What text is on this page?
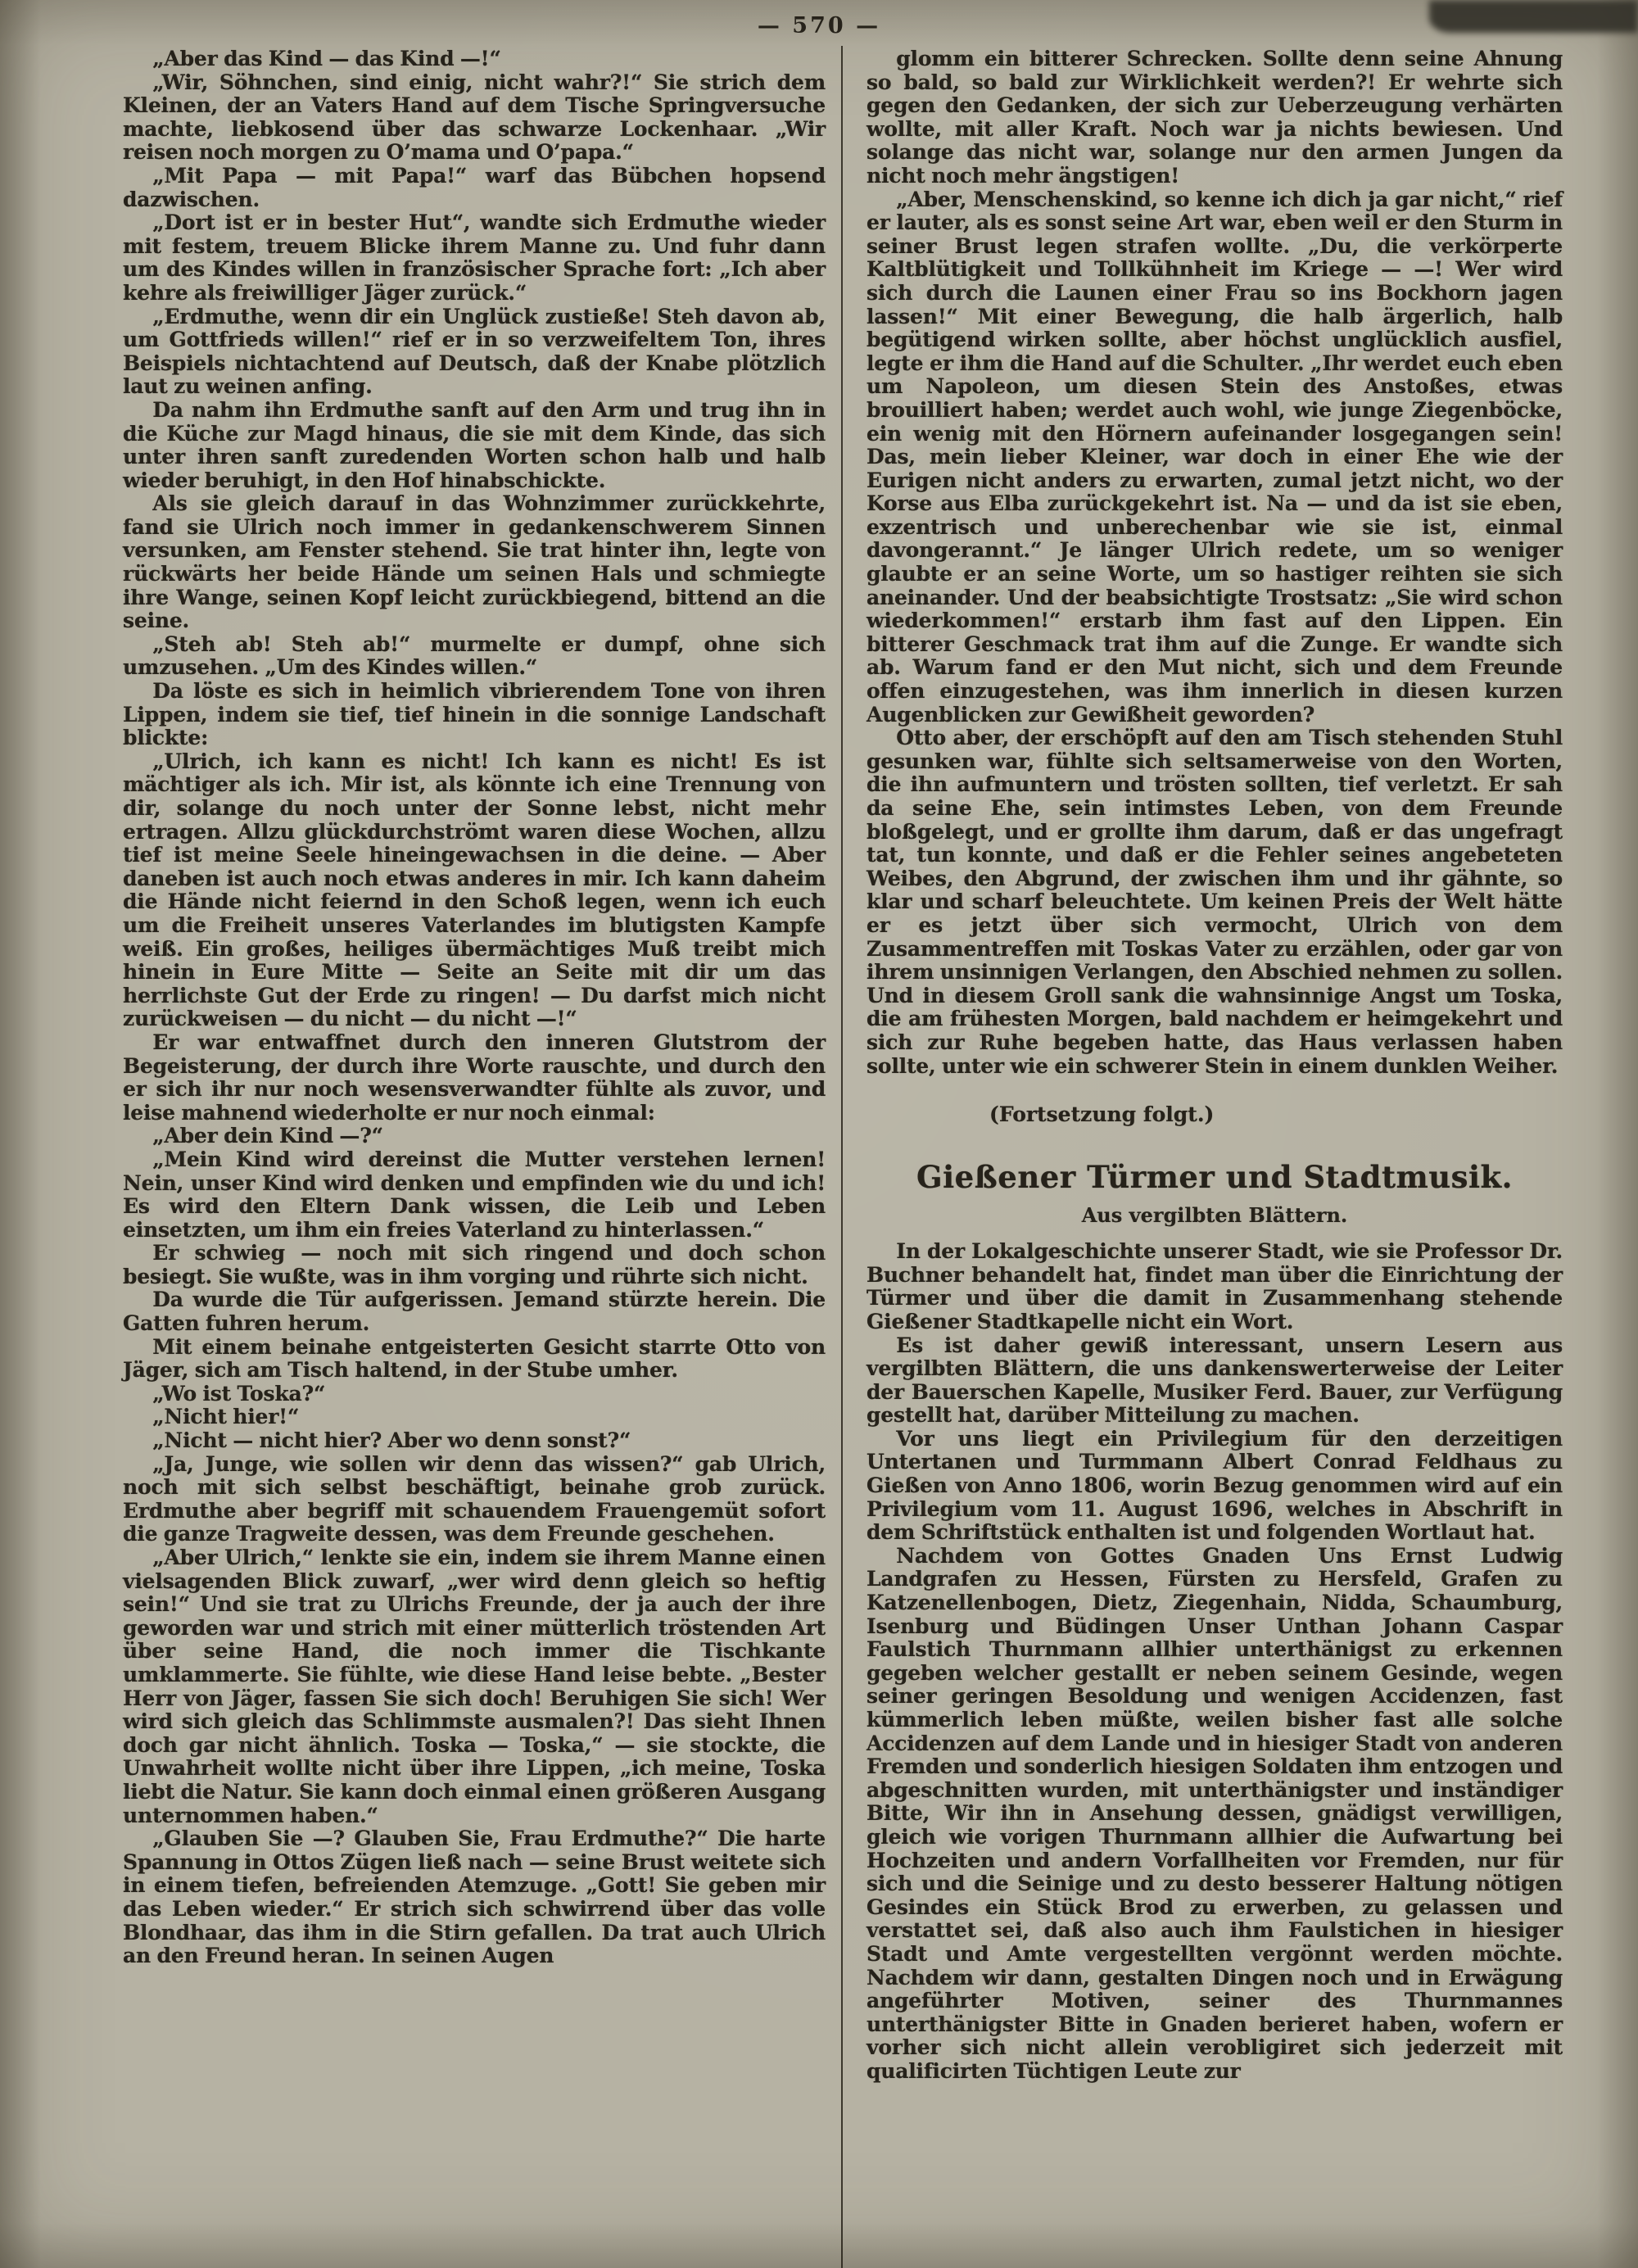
— 570 —

„Aber das Kind — das Kind —!“

„Wir, Söhnchen, sind einig, nicht wahr?!“ Sie strich dem Kleinen, der an Vaters Hand auf dem Tische Springversuche machte, liebkosend über das schwarze Lockenhaar. „Wir reisen noch morgen zu O’mama und O’papa.“

„Mit Papa — mit Papa!“ warf das Bübchen hopsend dazwischen.

„Dort ist er in bester Hut“, wandte sich Erdmuthe wieder mit festem, treuem Blicke ihrem Manne zu. Und fuhr dann um des Kindes willen in französischer Sprache fort: „Ich aber kehre als freiwilliger Jäger zurück.“

„Erdmuthe, wenn dir ein Unglück zustieße! Steh davon ab, um Gottfrieds willen!“ rief er in so verzweifeltem Ton, ihres Beispiels nichtachtend auf Deutsch, daß der Knabe plötzlich laut zu weinen anfing.

Da nahm ihn Erdmuthe sanft auf den Arm und trug ihn in die Küche zur Magd hinaus, die sie mit dem Kinde, das sich unter ihren sanft zuredenden Worten schon halb und halb wieder beruhigt, in den Hof hinabschickte.

Als sie gleich darauf in das Wohnzimmer zurückkehrte, fand sie Ulrich noch immer in gedankenschwerem Sinnen versunken, am Fenster stehend. Sie trat hinter ihn, legte von rückwärts her beide Hände um seinen Hals und schmiegte ihre Wange, seinen Kopf leicht zurückbiegend, bittend an die seine.

„Steh ab! Steh ab!“ murmelte er dumpf, ohne sich umzusehen. „Um des Kindes willen.“

Da löste es sich in heimlich vibrierendem Tone von ihren Lippen, indem sie tief, tief hinein in die sonnige Landschaft blickte:

„Ulrich, ich kann es nicht! Ich kann es nicht! Es ist mächtiger als ich. Mir ist, als könnte ich eine Trennung von dir, solange du noch unter der Sonne lebst, nicht mehr ertragen. Allzu glückdurchströmt waren diese Wochen, allzu tief ist meine Seele hineingewachsen in die deine. — Aber daneben ist auch noch etwas anderes in mir. Ich kann daheim die Hände nicht feiernd in den Schoß legen, wenn ich euch um die Freiheit unseres Vaterlandes im blutigsten Kampfe weiß. Ein großes, heiliges übermächtiges Muß treibt mich hinein in Eure Mitte — Seite an Seite mit dir um das herrlichste Gut der Erde zu ringen! — Du darfst mich nicht zurückweisen — du nicht — du nicht —!“

Er war entwaffnet durch den inneren Glutstrom der Begeisterung, der durch ihre Worte rauschte, und durch den er sich ihr nur noch wesensverwandter fühlte als zuvor, und leise mahnend wiederholte er nur noch einmal:

„Aber dein Kind —?“

„Mein Kind wird dereinst die Mutter verstehen lernen! Nein, unser Kind wird denken und empfinden wie du und ich! Es wird den Eltern Dank wissen, die Leib und Leben einsetzten, um ihm ein freies Vaterland zu hinterlassen.“

Er schwieg — noch mit sich ringend und doch schon besiegt. Sie wußte, was in ihm vorging und rührte sich nicht.

Da wurde die Tür aufgerissen. Jemand stürzte herein. Die Gatten fuhren herum.

Mit einem beinahe entgeisterten Gesicht starrte Otto von Jäger, sich am Tisch haltend, in der Stube umher.

„Wo ist Toska?“

„Nicht hier!“

„Nicht — nicht hier? Aber wo denn sonst?“

„Ja, Junge, wie sollen wir denn das wissen?“ gab Ulrich, noch mit sich selbst beschäftigt, beinahe grob zurück. Erdmuthe aber begriff mit schauendem Frauengemüt sofort die ganze Tragweite dessen, was dem Freunde geschehen.

„Aber Ulrich,“ lenkte sie ein, indem sie ihrem Manne einen vielsagenden Blick zuwarf, „wer wird denn gleich so heftig sein!“ Und sie trat zu Ulrichs Freunde, der ja auch der ihre geworden war und strich mit einer mütterlich tröstenden Art über seine Hand, die noch immer die Tischkante umklammerte. Sie fühlte, wie diese Hand leise bebte. „Bester Herr von Jäger, fassen Sie sich doch! Beruhigen Sie sich! Wer wird sich gleich das Schlimmste ausmalen?! Das sieht Ihnen doch gar nicht ähnlich. Toska — Toska,“ — sie stockte, die Unwahrheit wollte nicht über ihre Lippen, „ich meine, Toska liebt die Natur. Sie kann doch einmal einen größeren Ausgang unternommen haben.“

„Glauben Sie —? Glauben Sie, Frau Erdmuthe?“ Die harte Spannung in Ottos Zügen ließ nach — seine Brust weitete sich in einem tiefen, befreienden Atemzuge. „Gott! Sie geben mir das Leben wieder.“ Er strich sich schwirrend über das volle Blondhaar, das ihm in die Stirn gefallen. Da trat auch Ulrich an den Freund heran. In seinen Augen

glomm ein bitterer Schrecken. Sollte denn seine Ahnung so bald, so bald zur Wirklichkeit werden?! Er wehrte sich gegen den Gedanken, der sich zur Ueberzeugung verhärten wollte, mit aller Kraft. Noch war ja nichts bewiesen. Und solange das nicht war, solange nur den armen Jungen da nicht noch mehr ängstigen!

„Aber, Menschenskind, so kenne ich dich ja gar nicht,“ rief er lauter, als es sonst seine Art war, eben weil er den Sturm in seiner Brust legen strafen wollte. „Du, die verkörperte Kaltblütigkeit und Tollkühnheit im Kriege — —! Wer wird sich durch die Launen einer Frau so ins Bockhorn jagen lassen!“ Mit einer Bewegung, die halb ärgerlich, halb begütigend wirken sollte, aber höchst unglücklich ausfiel, legte er ihm die Hand auf die Schulter. „Ihr werdet euch eben um Napoleon, um diesen Stein des Anstoßes, etwas brouilliert haben; werdet auch wohl, wie junge Ziegenböcke, ein wenig mit den Hörnern aufeinander losgegangen sein! Das, mein lieber Kleiner, war doch in einer Ehe wie der Eurigen nicht anders zu erwarten, zumal jetzt nicht, wo der Korse aus Elba zurückgekehrt ist. Na — und da ist sie eben, exzentrisch und unberechenbar wie sie ist, einmal davongerannt.“ Je länger Ulrich redete, um so weniger glaubte er an seine Worte, um so hastiger reihten sie sich aneinander. Und der beabsichtigte Trostsatz: „Sie wird schon wiederkommen!“ erstarb ihm fast auf den Lippen. Ein bitterer Geschmack trat ihm auf die Zunge. Er wandte sich ab. Warum fand er den Mut nicht, sich und dem Freunde offen einzugestehen, was ihm innerlich in diesen kurzen Augenblicken zur Gewißheit geworden?

Otto aber, der erschöpft auf den am Tisch stehenden Stuhl gesunken war, fühlte sich seltsamerweise von den Worten, die ihn aufmuntern und trösten sollten, tief verletzt. Er sah da seine Ehe, sein intimstes Leben, von dem Freunde bloßgelegt, und er grollte ihm darum, daß er das ungefragt tat, tun konnte, und daß er die Fehler seines angebeteten Weibes, den Abgrund, der zwischen ihm und ihr gähnte, so klar und scharf beleuchtete. Um keinen Preis der Welt hätte er es jetzt über sich vermocht, Ulrich von dem Zusammentreffen mit Toskas Vater zu erzählen, oder gar von ihrem unsinnigen Verlangen, den Abschied nehmen zu sollen. Und in diesem Groll sank die wahnsinnige Angst um Toska, die am frühesten Morgen, bald nachdem er heimgekehrt und sich zur Ruhe begeben hatte, das Haus verlassen haben sollte, unter wie ein schwerer Stein in einem dunklen Weiher.

(Fortsetzung folgt.)
Gießener Türmer und Stadtmusik.
Aus vergilbten Blättern.

In der Lokalgeschichte unserer Stadt, wie sie Professor Dr. Buchner behandelt hat, findet man über die Einrichtung der Türmer und über die damit in Zusammenhang stehende Gießener Stadtkapelle nicht ein Wort.

Es ist daher gewiß interessant, unsern Lesern aus vergilbten Blättern, die uns dankenswerterweise der Leiter der Bauerschen Kapelle, Musiker Ferd. Bauer, zur Verfügung gestellt hat, darüber Mitteilung zu machen.

Vor uns liegt ein Privilegium für den derzeitigen Untertanen und Turmmann Albert Conrad Feldhaus zu Gießen von Anno 1806, worin Bezug genommen wird auf ein Privilegium vom 11. August 1696, welches in Abschrift in dem Schriftstück enthalten ist und folgenden Wortlaut hat.

Nachdem von Gottes Gnaden Uns Ernst Ludwig Landgrafen zu Hessen, Fürsten zu Hersfeld, Grafen zu Katzenellenbogen, Dietz, Ziegenhain, Nidda, Schaumburg, Isenburg und Büdingen Unser Unthan Johann Caspar Faulstich Thurnmann allhier unterthänigst zu erkennen gegeben welcher gestallt er neben seinem Gesinde, wegen seiner geringen Besoldung und wenigen Accidenzen, fast kümmerlich leben müßte, weilen bisher fast alle solche Accidenzen auf dem Lande und in hiesiger Stadt von anderen Fremden und sonderlich hiesigen Soldaten ihm entzogen und abgeschnitten wurden, mit unterthänigster und inständiger Bitte, Wir ihn in Ansehung dessen, gnädigst verwilligen, gleich wie vorigen Thurnmann allhier die Aufwartung bei Hochzeiten und andern Vorfallheiten vor Fremden, nur für sich und die Seinige und zu desto besserer Haltung nötigen Gesindes ein Stück Brod zu erwerben, zu gelassen und verstattet sei, daß also auch ihm Faulstichen in hiesiger Stadt und Amte vergestellten vergönnt werden möchte. Nachdem wir dann, gestalten Dingen noch und in Erwägung angeführter Motiven, seiner des Thurnmannes unterthänigster Bitte in Gnaden berieret haben, wofern er vorher sich nicht allein verobligiret sich jederzeit mit qualificirten Tüchtigen Leute zur
